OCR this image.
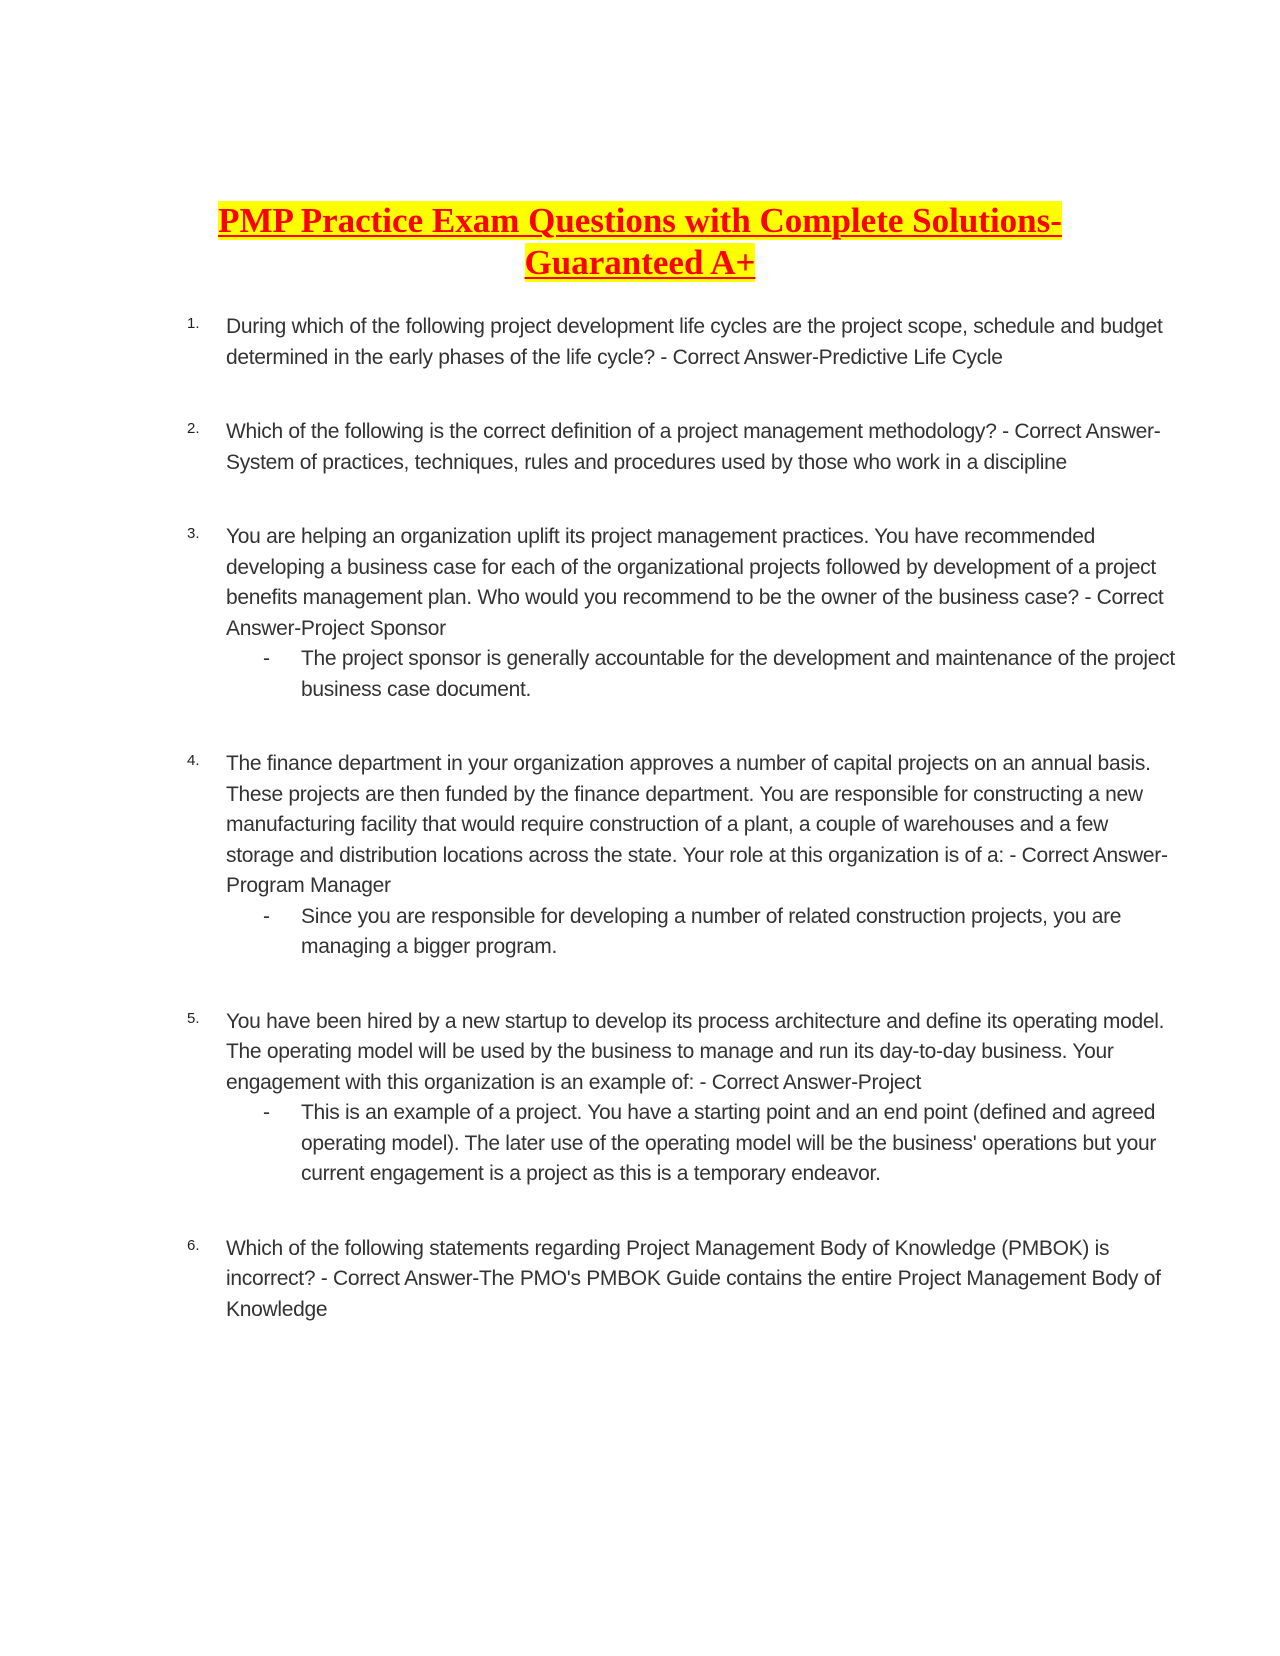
PMP Practice Exam Questions with Complete Solutions-
Guaranteed A+
1. During which of the following project development life cycles are the project scope, schedule and budget determined in the early phases of the life cycle? - Correct Answer-Predictive Life Cycle
2. Which of the following is the correct definition of a project management methodology? - Correct Answer-System of practices, techniques, rules and procedures used by those who work in a discipline
3. You are helping an organization uplift its project management practices. You have recommended developing a business case for each of the organizational projects followed by development of a project benefits management plan. Who would you recommend to be the owner of the business case? - Correct Answer-Project Sponsor
- The project sponsor is generally accountable for the development and maintenance of the project business case document.
4. The finance department in your organization approves a number of capital projects on an annual basis. These projects are then funded by the finance department. You are responsible for constructing a new manufacturing facility that would require construction of a plant, a couple of warehouses and a few storage and distribution locations across the state. Your role at this organization is of a: - Correct Answer-Program Manager
- Since you are responsible for developing a number of related construction projects, you are managing a bigger program.
5. You have been hired by a new startup to develop its process architecture and define its operating model. The operating model will be used by the business to manage and run its day-to-day business. Your engagement with this organization is an example of: - Correct Answer-Project
- This is an example of a project. You have a starting point and an end point (defined and agreed operating model). The later use of the operating model will be the business' operations but your current engagement is a project as this is a temporary endeavor.
6. Which of the following statements regarding Project Management Body of Knowledge (PMBOK) is incorrect? - Correct Answer-The PMO's PMBOK Guide contains the entire Project Management Body of Knowledge
